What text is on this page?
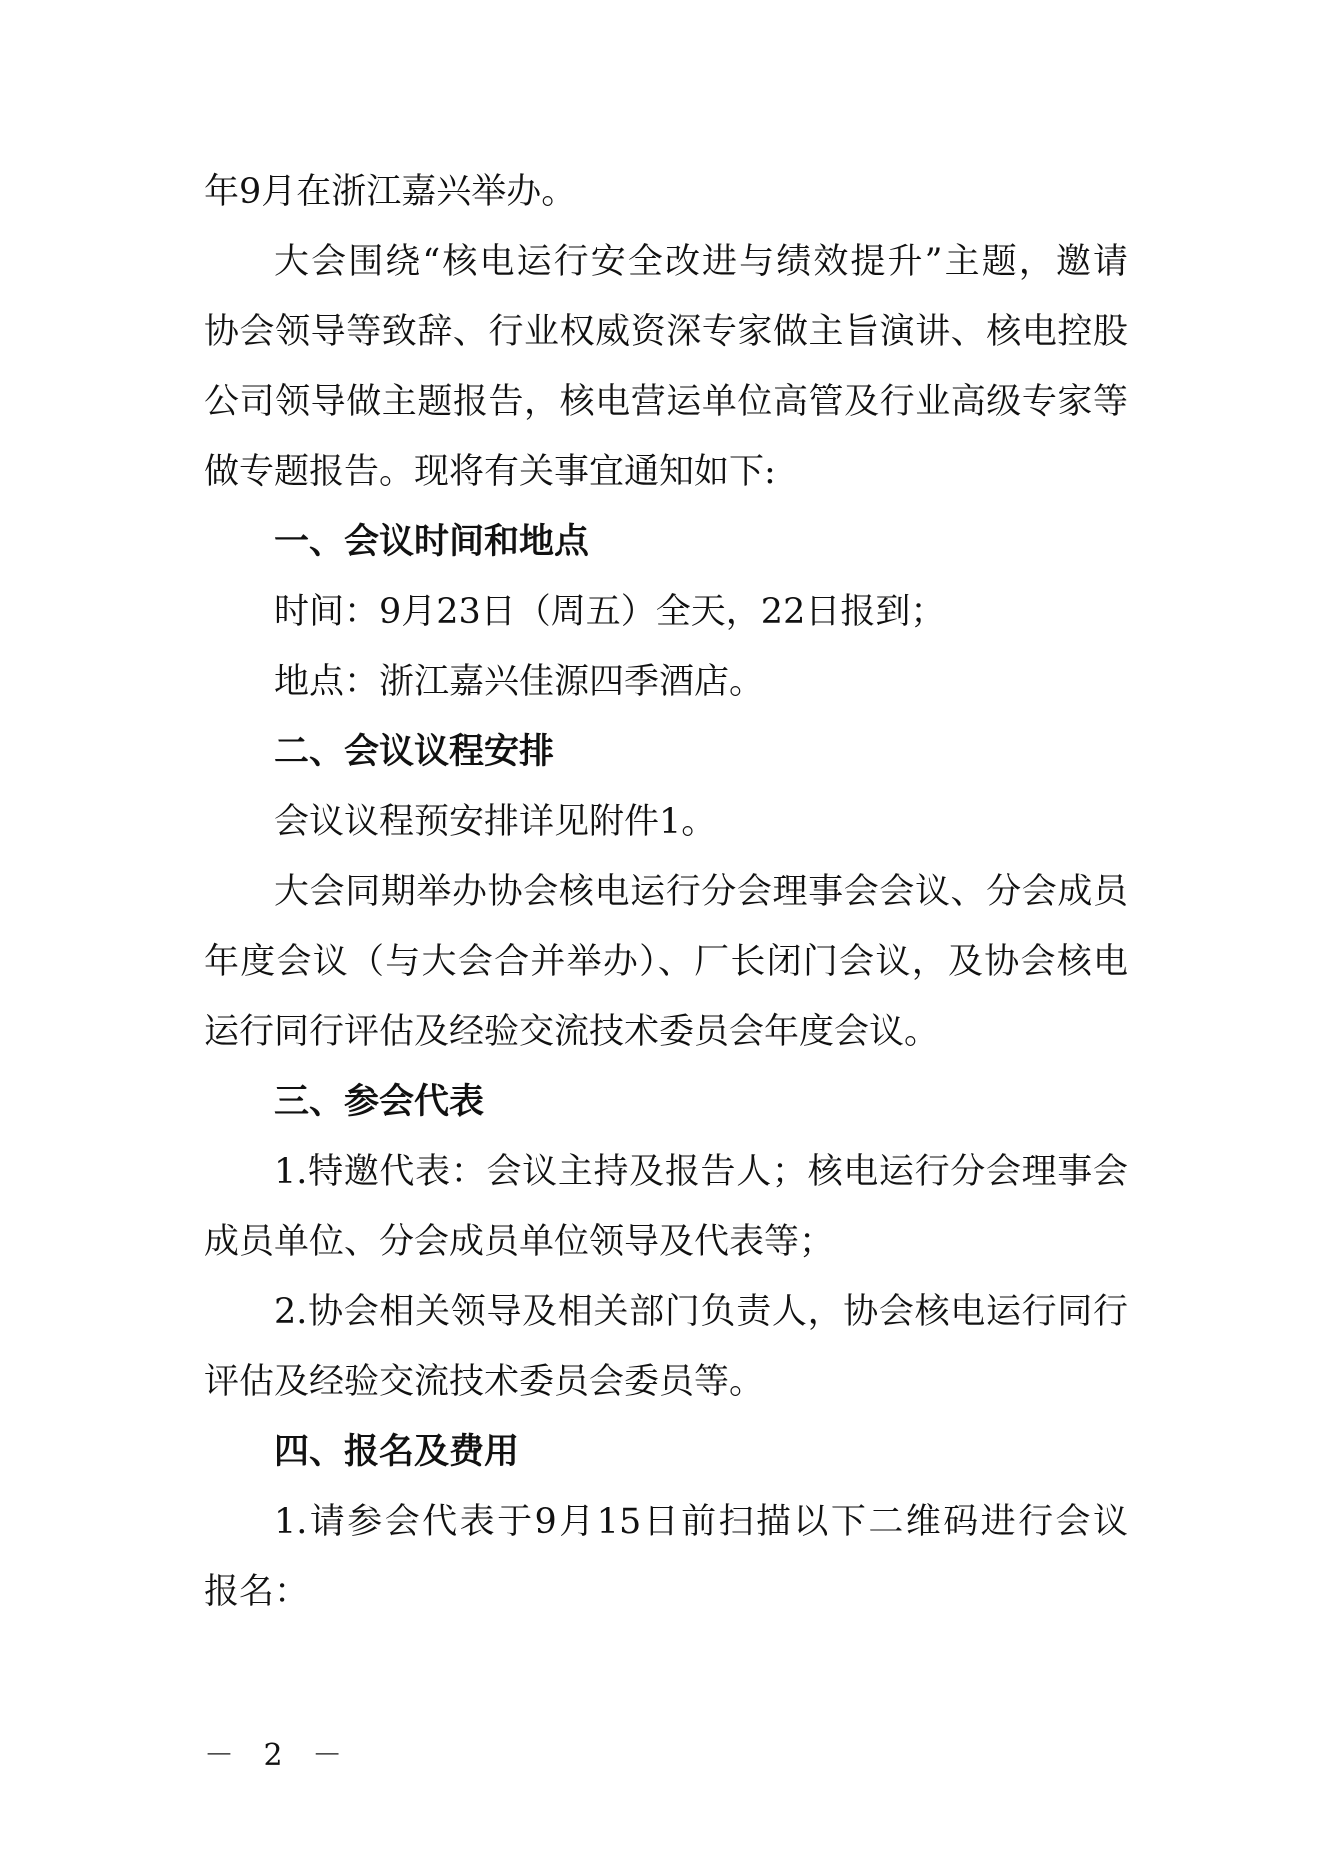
年9月在浙江嘉兴举办。
大会围绕“核电运行安全改进与绩效提升”主题，邀请
协会领导等致辞、行业权威资深专家做主旨演讲、核电控股
公司领导做主题报告，核电营运单位高管及行业高级专家等
做专题报告。现将有关事宜通知如下:
一、会议时间和地点
时间：9月23日（周五）全天，22日报到；
地点：浙江嘉兴佳源四季酒店。
二、会议议程安排
会议议程预安排详见附件1。
大会同期举办协会核电运行分会理事会会议、分会成员
年度会议（与大会合并举办）、厂长闭门会议，及协会核电
运行同行评估及经验交流技术委员会年度会议。
三、参会代表
1.特邀代表：会议主持及报告人；核电运行分会理事会
成员单位、分会成员单位领导及代表等；
2.协会相关领导及相关部门负责人，协会核电运行同行
评估及经验交流技术委员会委员等。
四、报名及费用
1.请参会代表于9月15日前扫描以下二维码进行会议
报名：
－ 2 －
